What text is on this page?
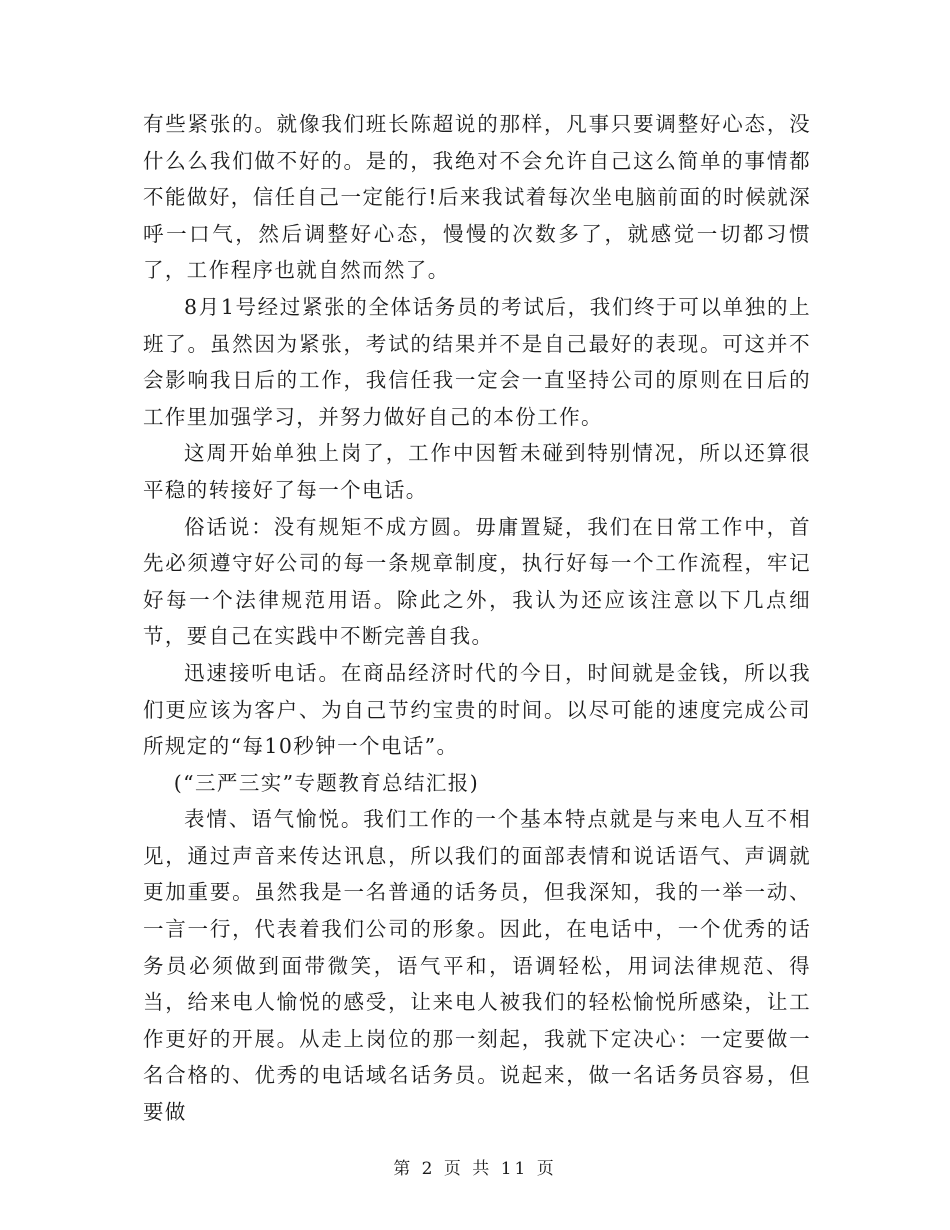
有些紧张的。就像我们班长陈超说的那样，凡事只要调整好心态，没什么么我们做不好的。是的，我绝对不会允许自己这么简单的事情都不能做好，信任自己一定能行!后来我试着每次坐电脑前面的时候就深呼一口气，然后调整好心态，慢慢的次数多了，就感觉一切都习惯了，工作程序也就自然而然了。

8月1号经过紧张的全体话务员的考试后，我们终于可以单独的上班了。虽然因为紧张，考试的结果并不是自己最好的表现。可这并不会影响我日后的工作，我信任我一定会一直坚持公司的原则在日后的工作里加强学习，并努力做好自己的本份工作。

这周开始单独上岗了，工作中因暂未碰到特别情况，所以还算很平稳的转接好了每一个电话。

俗话说：没有规矩不成方圆。毋庸置疑，我们在日常工作中，首先必须遵守好公司的每一条规章制度，执行好每一个工作流程，牢记好每一个法律规范用语。除此之外，我认为还应该注意以下几点细节，要自己在实践中不断完善自我。

迅速接听电话。在商品经济时代的今日，时间就是金钱，所以我们更应该为客户、为自己节约宝贵的时间。以尽可能的速度完成公司所规定的“每10秒钟一个电话”。

(“三严三实”专题教育总结汇报)

表情、语气愉悦。我们工作的一个基本特点就是与来电人互不相见，通过声音来传达讯息，所以我们的面部表情和说话语气、声调就更加重要。虽然我是一名普通的话务员，但我深知，我的一举一动、一言一行，代表着我们公司的形象。因此，在电话中，一个优秀的话务员必须做到面带微笑，语气平和，语调轻松，用词法律规范、得当，给来电人愉悦的感受，让来电人被我们的轻松愉悦所感染，让工作更好的开展。从走上岗位的那一刻起，我就下定决心：一定要做一名合格的、优秀的电话域名话务员。说起来，做一名话务员容易，但要做

第 2 页 共 11 页
